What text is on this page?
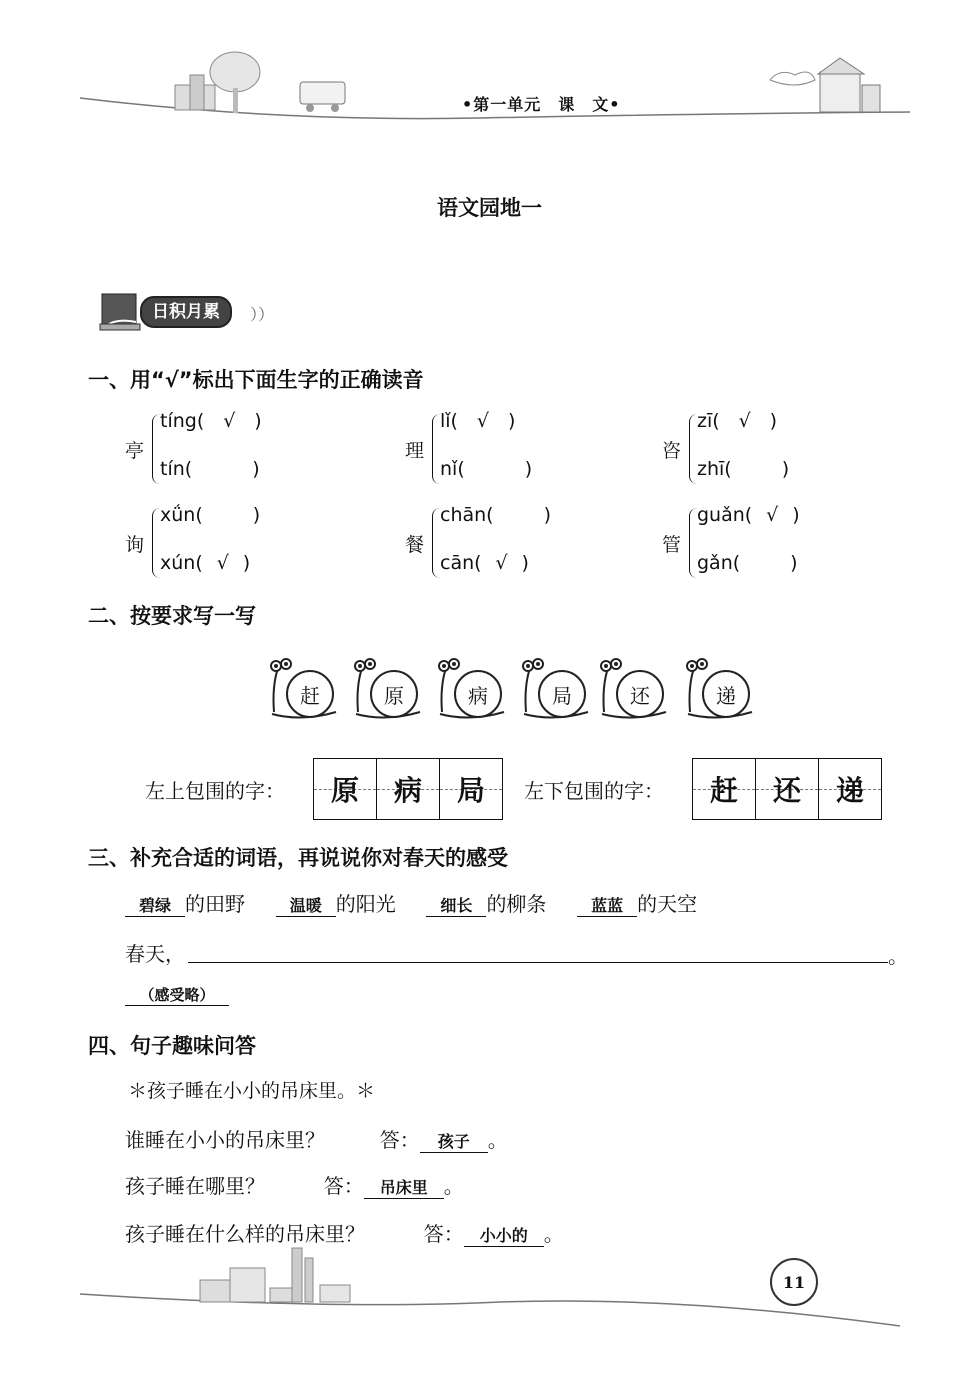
•第一单元　课　文•
语文园地一
日积月累	））
一、用“√”标出下面生字的正确读音
亭
tíng( √ )
tín(	)
理
lǐ( √ )
nǐ(	)
咨
zī( √ )
zhī(	)
询
xǘn(	)
xún( √ )
餐
chān(	)
cān( √ )
管
guǎn( √ )
gǎn(	)
二、按要求写一写
赶	原	病	局	还	递
左上包围的字： 原 病 局 左下包围的字： 赶 还 递
三、补充合适的词语，再说说你对春天的感受
碧绿 的田野	温暖 的阳光	细长 的柳条	蓝蓝 的天空
春天，	。
（感受略）
四、句子趣味问答
＊孩子睡在小小的吊床里。＊
谁睡在小小的吊床里？	答： 孩子 。
孩子睡在哪里？	答： 吊床里 。
孩子睡在什么样的吊床里？	答： 小小的 。
11
